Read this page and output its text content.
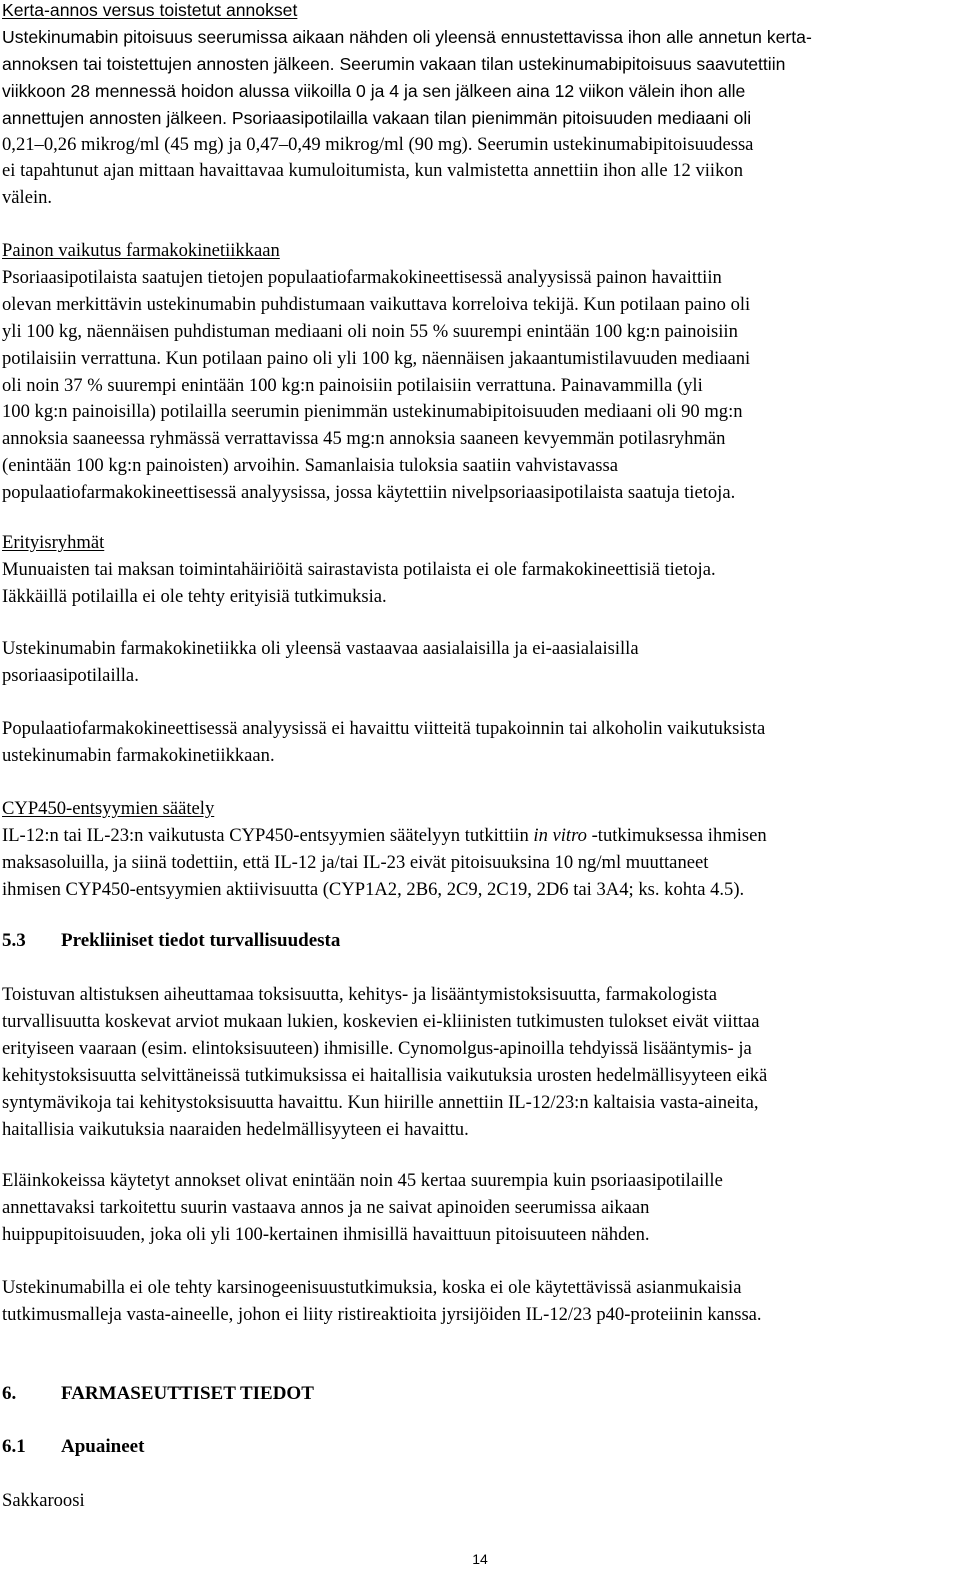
Kerta-annos versus toistetut annokset
Ustekinumabin pitoisuus seerumissa aikaan nähden oli yleensä ennustettavissa ihon alle annetun kerta-
annoksen tai toistettujen annosten jälkeen. Seerumin vakaan tilan ustekinumabipitoisuus saavutettiin
viikkoon 28 mennessä hoidon alussa viikoilla 0 ja 4 ja sen jälkeen aina 12 viikon välein ihon alle
annettujen annosten jälkeen. Psoriaasipotilailla vakaan tilan pienimmän pitoisuuden mediaani oli
0,21–0,26 mikrog/ml (45 mg) ja 0,47–0,49 mikrog/ml (90 mg). Seerumin ustekinumabipitoisuudessa
ei tapahtunut ajan mittaan havaittavaa kumuloitumista, kun valmistetta annettiin ihon alle 12 viikon
välein.
Painon vaikutus farmakokinetiikkaan
Psoriaasipotilaista saatujen tietojen populaatiofarmakokineettisessä analyysissä painon havaittiin
olevan merkittävin ustekinumabin puhdistumaan vaikuttava korreloiva tekijä. Kun potilaan paino oli
yli 100 kg, näennäisen puhdistuman mediaani oli noin 55 % suurempi enintään 100 kg:n painoisiin
potilaisiin verrattuna. Kun potilaan paino oli yli 100 kg, näennäisen jakaantumistilavuuden mediaani
oli noin 37 % suurempi enintään 100 kg:n painoisiin potilaisiin verrattuna. Painavammilla (yli
100 kg:n painoisilla) potilailla seerumin pienimmän ustekinumabipitoisuuden mediaani oli 90 mg:n
annoksia saaneessa ryhmässä verrattavissa 45 mg:n annoksia saaneen kevyemmän potilasryhmän
(enintään 100 kg:n painoisten) arvoihin. Samanlaisia tuloksia saatiin vahvistavassa
populaatiofarmakokineettisessä analyysissa, jossa käytettiin nivelpsoriaasipotilaista saatuja tietoja.
Erityisryhmät
Munuaisten tai maksan toimintahäiriöitä sairastavista potilaista ei ole farmakokineettisiä tietoja.
Iäkkäillä potilailla ei ole tehty erityisiä tutkimuksia.
Ustekinumabin farmakokinetiikka oli yleensä vastaavaa aasialaisilla ja ei-aasialaisilla
psoriaasipotilailla.
Populaatiofarmakokineettisessä analyysissä ei havaittu viitteitä tupakoinnin tai alkoholin vaikutuksista
ustekinumabin farmakokinetiikkaan.
CYP450-entsyymien säätely
IL-12:n tai IL-23:n vaikutusta CYP450-entsyymien säätelyyn tutkittiin in vitro -tutkimuksessa ihmisen
maksasoluilla, ja siinä todettiin, että IL-12 ja/tai IL-23 eivät pitoisuuksina 10 ng/ml muuttaneet
ihmisen CYP450-entsyymien aktiivisuutta (CYP1A2, 2B6, 2C9, 2C19, 2D6 tai 3A4; ks. kohta 4.5).
5.3 Prekliiniset tiedot turvallisuudesta
Toistuvan altistuksen aiheuttamaa toksisuutta, kehitys- ja lisääntymistoksisuutta, farmakologista
turvallisuutta koskevat arviot mukaan lukien, koskevien ei-kliinisten tutkimusten tulokset eivät viittaa
erityiseen vaaraan (esim. elintoksisuuteen) ihmisille. Cynomolgus-apinoilla tehdyissä lisääntymis- ja
kehitystoksisuutta selvittäneissä tutkimuksissa ei haitallisia vaikutuksia urosten hedelmällisyyteen eikä
syntymävikoja tai kehitystoksisuutta havaittu. Kun hiirille annettiin IL-12/23:n kaltaisia vasta-aineita,
haitallisia vaikutuksia naaraiden hedelmällisyyteen ei havaittu.
Eläinkokeissa käytetyt annokset olivat enintään noin 45 kertaa suurempia kuin psoriaasipotilaille
annettavaksi tarkoitettu suurin vastaava annos ja ne saivat apinoiden seerumissa aikaan
huippupitoisuuden, joka oli yli 100-kertainen ihmisillä havaittuun pitoisuuteen nähden.
Ustekinumabilla ei ole tehty karsinogeenisuustutkimuksia, koska ei ole käytettävissä asianmukaisia
tutkimusmalleja vasta-aineelle, johon ei liity ristireaktioita jyrsijöiden IL-12/23 p40-proteiinin kanssa.
6. FARMASEUTTISET TIEDOT
6.1 Apuaineet
Sakkaroosi
14
